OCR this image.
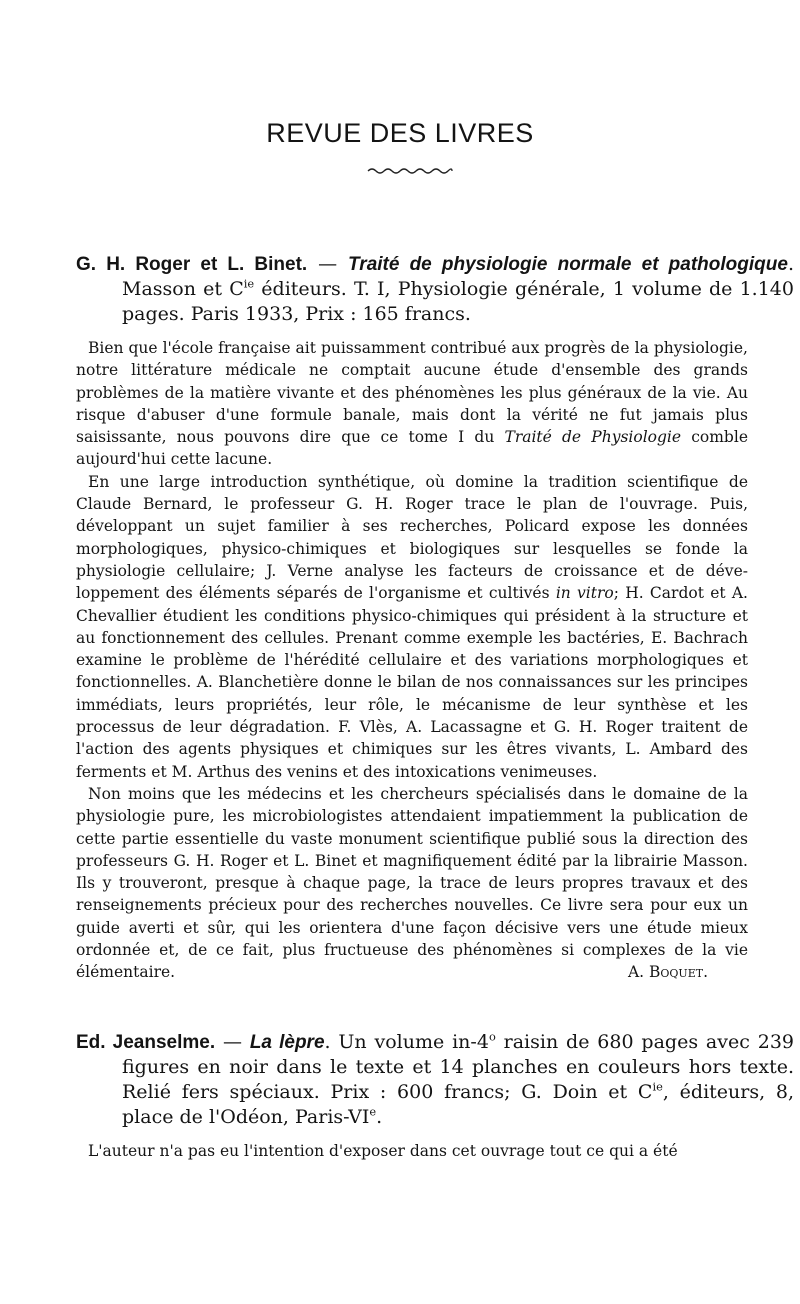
REVUE DES LIVRES
G. H. Roger et L. Binet. — Traité de physiologie normale et pathologique. Masson et $C^{ie}$ éditeurs. T. I, Physiologie générale, 1 volume de 1.140 pages. Paris 1933, Prix : 165 francs.

Bien que l'école française ait puissamment contribué aux progrès de la physiologie, notre littérature médicale ne comptait aucune étude d'ensemble des grands problèmes de la matière vivante et des phénomènes les plus généraux de la vie. Au risque d'abuser d'une formule banale, mais dont la vérité ne fut jamais plus saisissante, nous pouvons dire que ce tome I du Traité de Physiologie comble aujourd'hui cette lacune.

En une large introduction synthétique, où domine la tradition scientifique de Claude Bernard, le professeur G. H. Roger trace le plan de l'ouvrage. Puis, développant un sujet familier à ses recherches, Policard expose les données morphologiques, physico-chimiques et biologiques sur lesquelles se fonde la physiologie cellulaire; J. Verne analyse les facteurs de croissance et de développement des éléments séparés de l'organisme et cultivés in vitro; H. Cardot et A. Chevallier étudient les conditions physico-chimiques qui président à la structure et au fonctionnement des cellules. Prenant comme exemple les bactéries, E. Bachrach examine le problème de l'hérédité cellulaire et des variations morphologiques et fonctionnelles. A. Blanchetière donne le bilan de nos connaissances sur les principes immédiats, leurs propriétés, leur rôle, le mécanisme de leur synthèse et les processus de leur dégradation. F. Vlès, A. Lacassagne et G. H. Roger traitent de l'action des agents physiques et chimiques sur les êtres vivants, L. Ambard des ferments et M. Arthus des venins et des intoxications venimeuses.

Non moins que les médecins et les chercheurs spécialisés dans le domaine de la physiologie pure, les microbiologistes attendaient impatiemment la publication de cette partie essentielle du vaste monument scientifique publié sous la direction des professeurs G. H. Roger et L. Binet et magnifiquement édité par la librairie Masson. Ils y trouveront, presque à chaque page, la trace de leurs propres travaux et des renseignements précieux pour des recherches nouvelles. Ce livre sera pour eux un guide averti et sûr, qui les orientera d'une façon décisive vers une étude mieux ordonnée et, de ce fait, plus fructueuse des phénomènes si complexes de la vie élémentaire.	A. Boquet.

Ed. Jeanselme. — La lèpre. Un volume in-4$^o$ raisin de 680 pages avec 239 figures en noir dans le texte et 14 planches en couleurs hors texte. Relié fers spéciaux. Prix : 600 francs; G. Doin et $C^{ie}$, éditeurs, 8, place de l'Odéon, Paris-VIe.

L'auteur n'a pas eu l'intention d'exposer dans cet ouvrage tout ce qui a été
